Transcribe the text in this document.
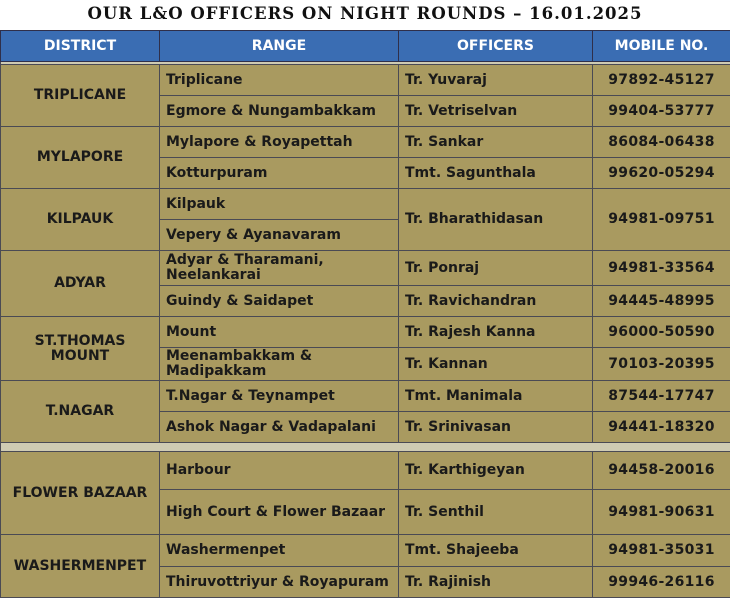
OUR L&O OFFICERS ON NIGHT ROUNDS – 16.01.2025
DISTRICT	RANGE	OFFICERS	MOBILE NO.

TRIPLICANE	Triplicane	Tr. Yuvaraj	97892-45127
	Egmore & Nungambakkam	Tr. Vetriselvan	99404-53777
MYLAPORE	Mylapore & Royapettah	Tr. Sankar	86084-06438
	Kotturpuram	Tmt. Sagunthala	99620-05294
KILPAUK	Kilpauk	Tr. Bharathidasan	94981-09751
	Vepery & Ayanavaram		
ADYAR	Adyar & Tharamani, Neelankarai	Tr. Ponraj	94981-33564
	Guindy & Saidapet	Tr. Ravichandran	94445-48995
ST.THOMAS MOUNT	Mount	Tr. Rajesh Kanna	96000-50590
	Meenambakkam & Madipakkam	Tr. Kannan	70103-20395
T.NAGAR	T.Nagar & Teynampet	Tmt. Manimala	87544-17747
	Ashok Nagar & Vadapalani	Tr. Srinivasan	94441-18320

FLOWER BAZAAR	Harbour	Tr. Karthigeyan	94458-20016
	High Court & Flower Bazaar	Tr. Senthil	94981-90631
WASHERMENPET	Washermenpet	Tmt. Shajeeba	94981-35031
	Thiruvottriyur & Royapuram	Tr. Rajinish	99946-26116
